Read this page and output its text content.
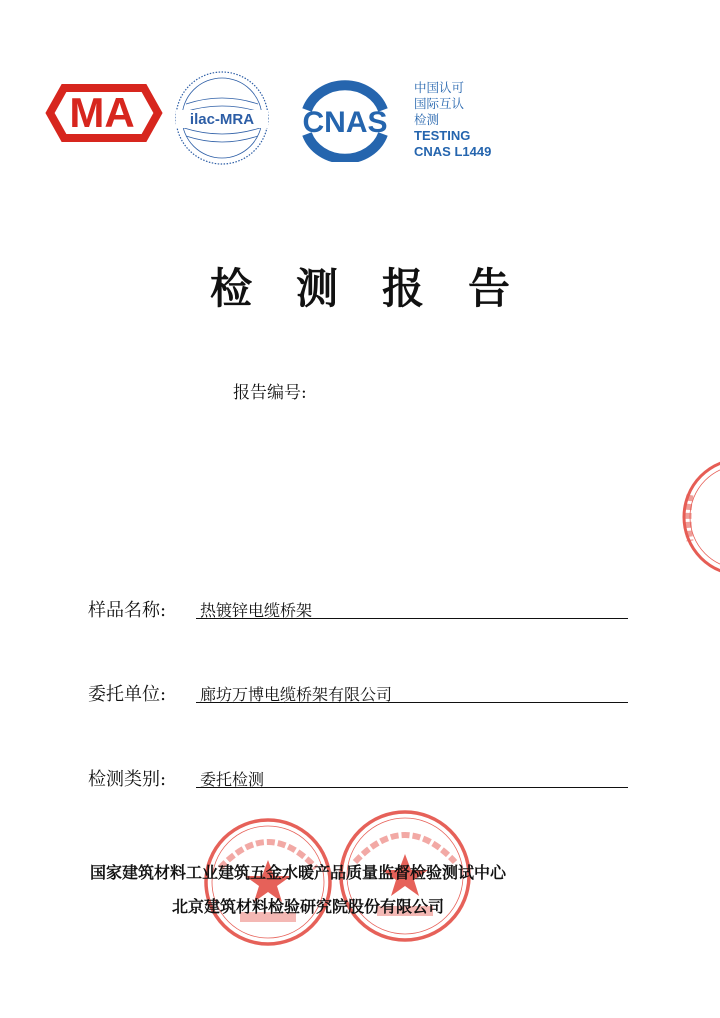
MA	ilac-MRA CNAS
中国认可
国际互认
检测
TESTING
CNAS L1449
检测报告
报告编号:
样品名称: 热镀锌电缆桥架
委托单位: 廊坊万博电缆桥架有限公司
检测类别: 委托检测
国家建筑材料工业建筑五金水暖产品质量监督检验测试中心
北京建筑材料检验研究院股份有限公司
